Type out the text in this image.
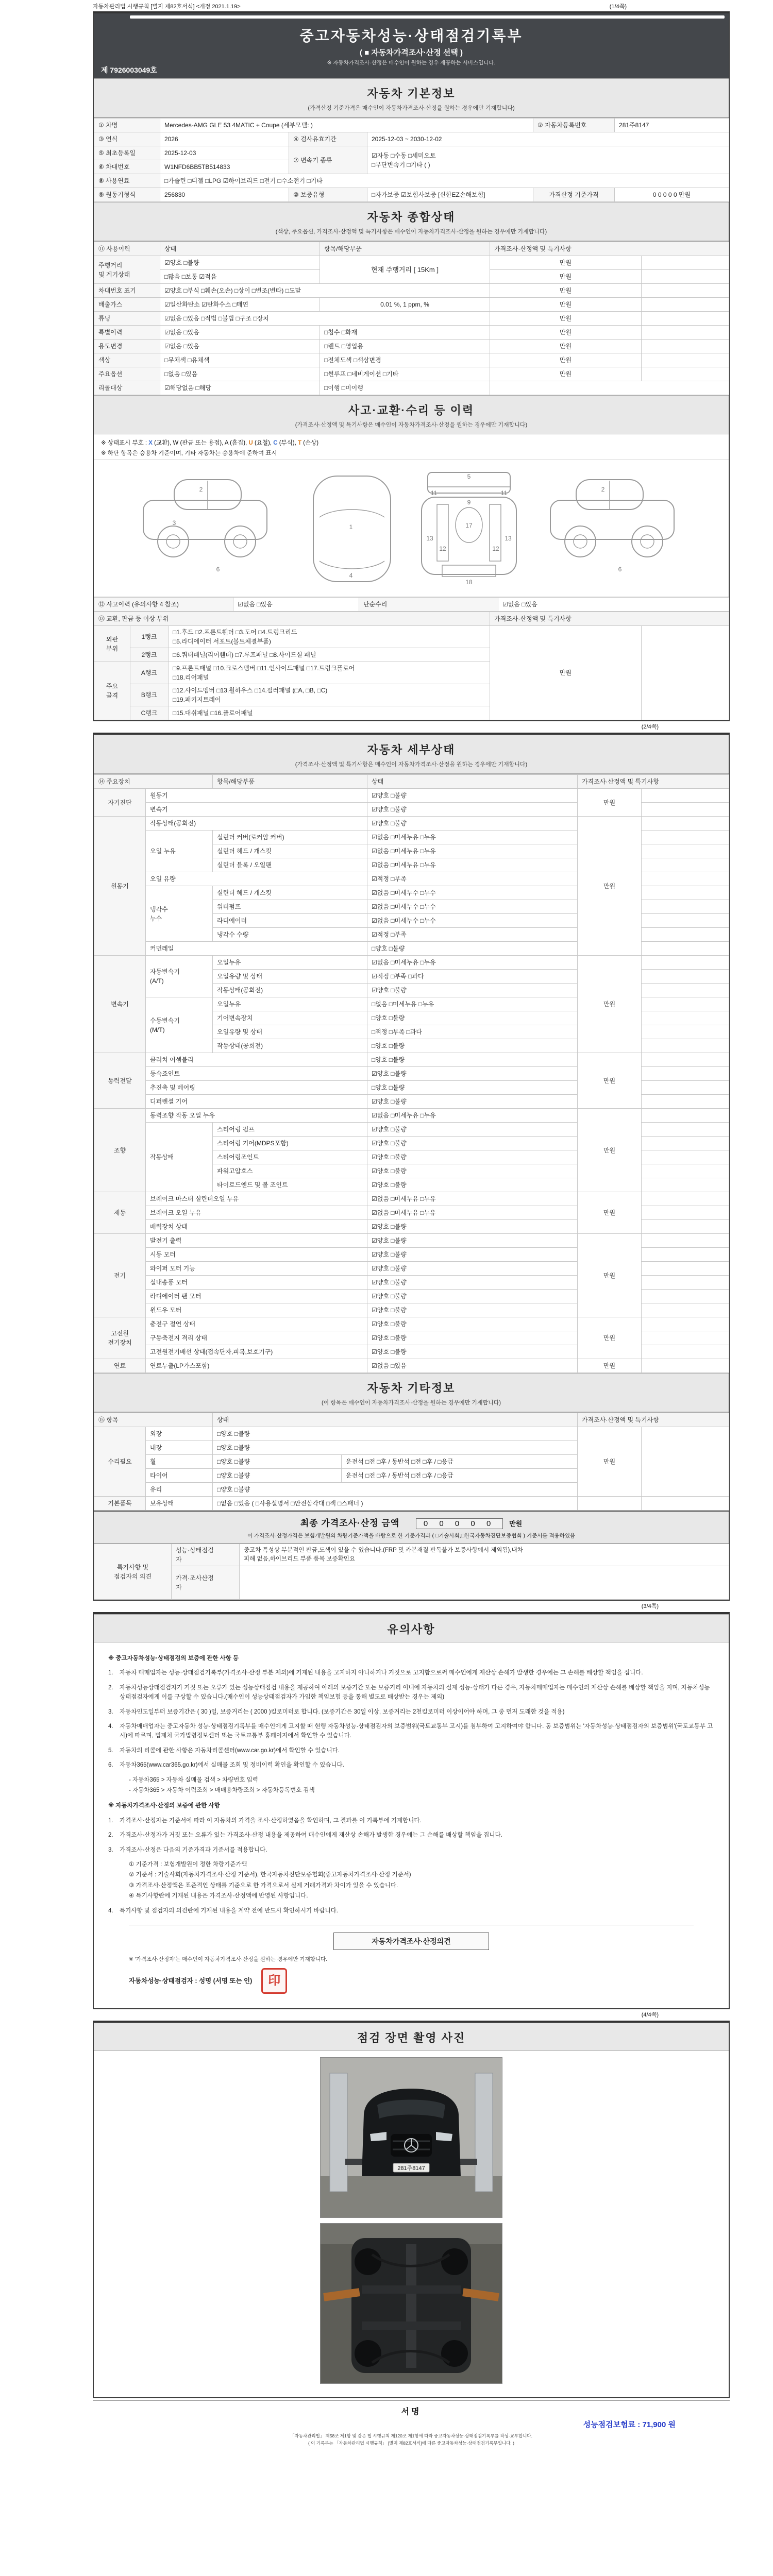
자동차관리법 시행규칙 [별지 제82호서식] <개정 2021.1.19>	(1/4쪽)
중고자동차성능·상태점검기록부
( ■ 자동차가격조사·산정 선택 )
※ 자동차가격조사·산정은 매수인이 원하는 경우 제공하는 서비스입니다.
제 7926003049호
자동차 기본정보
(가격산정 기준가격은 매수인이 자동차가격조사·산정을 원하는 경우에만 기재합니다)
① 차명	Mercedes-AMG GLE 53 4MATIC + Coupe (세부모델: )			② 자동차등록번호	281주8147
③ 연식	2026	④ 검사유효기간	2025-12-03 ~ 2030-12-02		
⑤ 최초등록일	2025-12-03	⑦ 변속기 종류	☑자동 □수동 □세미오토
□무단변속기 □기타 ( )		
⑥ 차대번호	W1NFD6BB5TB514833				
⑧ 사용연료	□가솔린 □디젤 □LPG ☑하이브리드 □전기 □수소전기 □기타				
⑨ 원동기형식	256830	⑩ 보증유형	□자가보증 ☑보험사보증 [신한EZ손해보험]	가격산정 기준가격	0 0 0 0 0 만원
자동차 종합상태
(색상, 주요옵션, 가격조사·산정액 및 특기사항은 매수인이 자동차가격조사·산정을 원하는 경우에만 기재합니다)
⑪ 사용이력	상태	항목/해당부품	가격조사·산정액 및 특기사항	
주행거리
및 계기상태	☑양호 □불량	현재 주행거리 [ 15Km ]	만원	
	□많음 □보통 ☑적음		만원	
차대번호 표기	☑양호 □부식 □훼손(오손) □상이 □변조(변타) □도말		만원	
배출가스	☑일산화탄소 ☑탄화수소 □매연	0.01 %, 1 ppm, %	만원	
튜닝	☑없음 □있음 □적법 □불법 □구조 □장치		만원	
특별이력	☑없음 □있음	□침수 □화재	만원	
용도변경	☑없음 □있음	□렌트 □영업용	만원	
색상	□무채색 □유채색	□전체도색 □색상변경	만원	
주요옵션	□없음 □있음	□썬루프 □네비게이션 □기타	만원	
리콜대상	☑해당없음 □해당	□이행 □미이행		
사고·교환·수리 등 이력
(가격조사·산정액 및 특기사항은 매수인이 자동차가격조사·산정을 원하는 경우에만 기재합니다)
※ 상태표시 부호 : X (교환), W (판금 또는 용접), A (흠집), U (요철), C (부식), T (손상)
※ 하단 항목은 승용차 기준이며, 기타 자동차는 승용차에 준하여 표시
2
6
1
4
3
11	11
9
13
12	12
13
17
18
5
2
6
⑫ 사고이력 (유의사항 4 참조)	☑없음 □있음	단순수리	☑없음 □있음
⑬ 교환, 판금 등 이상 부위			가격조사·산정액 및 특기사항	
외판
부위	1랭크	□1.후드 □2.프론트휀더 □3.도어 □4.트렁크리드
□5.라디에이터 서포트(볼트체결부품)	만원	
	2랭크	□6.쿼터패널(리어휀더) □7.루프패널 □8.사이드실 패널		
주요
골격	A랭크	□9.프론트패널 □10.크로스멤버 □11.인사이드패널 □17.트렁크플로어
□18.리어패널		
	B랭크	□12.사이드멤버 □13.휠하우스 □14.필러패널 (□A, □B, □C)
□19.패키지트레이		
	C랭크	□15.대쉬패널 □16.플로어패널		
(2/4쪽)
자동차 세부상태
(가격조사·산정액 및 특기사항은 매수인이 자동차가격조사·산정을 원하는 경우에만 기재합니다)
⑭ 주요장치		항목/해당부품	상태	가격조사·산정액 및 특기사항	
자기진단	원동기		☑양호 □불량	만원	
	변속기		☑양호 □불량		
원동기	작동상태(공회전)		☑양호 □불량	만원	
	오일 누유	실린더 커버(로커암 커버)	☑없음 □미세누유 □누유		
		실린더 헤드 / 개스킷	☑없음 □미세누유 □누유		
		실린더 블록 / 오일팬	☑없음 □미세누유 □누유		
	오일 유량		☑적정 □부족		
	냉각수
누수	실린더 헤드 / 개스킷	☑없음 □미세누수 □누수		
		워터펌프	☑없음 □미세누수 □누수		
		라디에이터	☑없음 □미세누수 □누수		
		냉각수 수량	☑적정 □부족		
	커먼레일		□양호 □불량		
변속기	자동변속기
(A/T)	오일누유	☑없음 □미세누유 □누유	만원	
		오일유량 및 상태	☑적정 □부족 □과다		
		작동상태(공회전)	☑양호 □불량		
	수동변속기
(M/T)	오일누유	□없음 □미세누유 □누유		
		기어변속장치	□양호 □불량		
		오일유량 및 상태	□적정 □부족 □과다		
		작동상태(공회전)	□양호 □불량		
동력전달	클러치 어셈블리		□양호 □불량	만원	
	등속죠인트		☑양호 □불량		
	추진축 및 베어링		□양호 □불량		
	디퍼렌셜 기어		☑양호 □불량		
조향	동력조향 작동 오일 누유		☑없음 □미세누유 □누유	만원	
	작동상태	스티어링 펌프	☑양호 □불량		
		스티어링 기어(MDPS포함)	☑양호 □불량		
		스티어링조인트	☑양호 □불량		
		파워고압호스	☑양호 □불량		
		타이로드엔드 및 볼 조인트	☑양호 □불량		
제동	브레이크 마스터 실린더오일 누유		☑없음 □미세누유 □누유	만원	
	브레이크 오일 누유		☑없음 □미세누유 □누유		
	배력장치 상태		☑양호 □불량		
전기	발전기 출력		☑양호 □불량	만원	
	시동 모터		☑양호 □불량		
	와이퍼 모터 기능		☑양호 □불량		
	실내송풍 모터		☑양호 □불량		
	라디에이터 팬 모터		☑양호 □불량		
	윈도우 모터		☑양호 □불량		
고전원
전기장치	충전구 절연 상태		☑양호 □불량	만원	
	구동축전지 격리 상태		☑양호 □불량		
	고전원전기배선 상태(접속단자,피복,보호기구)		☑양호 □불량		
연료	연료누출(LP가스포함)		☑없음 □있음	만원	
자동차 기타정보
(이 항목은 매수인이 자동차가격조사·산정을 원하는 경우에만 기재합니다)
⑮ 항목		상태		가격조사·산정액 및 특기사항	
수리필요	외장	□양호 □불량		만원	
	내장	□양호 □불량			
	휠	□양호 □불량	운전석 □전 □후 / 동반석 □전 □후 / □응급		
	타이어	□양호 □불량	운전석 □전 □후 / 동반석 □전 □후 / □응급		
	유리	□양호 □불량			
기본품목	보유상태	□없음 □있음 ( □사용설명서 □안전삼각대 □잭 □스패너 )			
최종 가격조사·산정 금액	0 0 0 0 0 만원
이 가격조사·산정가격은 보험개발원의 차량기준가액을 바탕으로 한 기준가격과 ( □기술사회,□한국자동차진단보증협회 ) 기준서를 적용하였음
특기사항 및
점검자의 의견	성능·상태점검
자	중고차 특성상 부분적인 판금,도색이 있을 수 있습니다.(FRP 및 카본재질 판독불가 보증사항에서 제외됨),내차
피해 없음,하이브리드 부품 품목 보증확인요
	가격·조사산정
자	
(3/4쪽)
유의사항
※ 중고자동차성능·상태점검의 보증에 관한 사항 등
1. 자동차 매매업자는 성능·상태점검기록부(가격조사·산정 부분 제외)에 기재된 내용을 고지하지 아니하거나 거짓으로 고지함으로써 매수인에게 재산상 손해가 발생한 경우에는 그 손해를 배상할 책임을 집니다.
2. 자동차성능상태점검자가 거짓 또는 오류가 있는 성능상태점검 내용을 제공하여 아래의 보증기간 또는 보증거리 이내에 자동차의 실제 성능·상태가 다른 경우, 자동차매매업자는 매수인의 재산상 손해를 배상할 책임을 지며, 자동차성능상태점검자에게 이를 구상할 수 있습니다.(매수인이 성능상태점검자가 가입한 책임보험 등을 통해 별도로 배상받는 경우는 제외)
3. 자동차인도일부터 보증기간은 ( 30 )일, 보증거리는 ( 2000 )킬로미터로 합니다. (보증기간은 30일 이상, 보증거리는 2천킬로미터 이상이어야 하며, 그 중 먼저 도래한 것을 적용)
4. 자동차매매업자는 중고자동차 성능·상태점검기록부를 매수인에게 고지할 때 현행 자동차성능·상태점검자의 보증범위(국토교통부 고시)를 첨부하여 고지하여야 합니다. 동 보증범위는 '자동차성능·상태점검자의 보증범위'(국토교통부 고시)에 따르며, 법제처 국가법령정보센터 또는 국토교통부 홈페이지에서 확인할 수 있습니다.
5. 자동차의 리콜에 관한 사항은 자동차리콜센터(www.car.go.kr)에서 확인할 수 있습니다.
6. 자동차365(www.car365.go.kr)에서 실매물 조회 및 정비이력 확인을 확인할 수 있습니다.
- 자동차365 > 자동차 실매물 검색 > 차량번호 입력
- 자동차365 > 자동차 이력조회 > 매매용차량조회 > 자동차등록번호 검색
※ 자동차가격조사·산정의 보증에 관한 사항
1. 가격조사·산정자는 기준서에 따라 이 자동차의 가격을 조사·산정하였음을 확인하며, 그 결과를 이 기록부에 기재합니다.
2. 가격조사·산정자가 거짓 또는 오류가 있는 가격조사·산정 내용을 제공하여 매수인에게 재산상 손해가 발생한 경우에는 그 손해를 배상할 책임을 집니다.
3. 가격조사·산정은 다음의 기준가격과 기준서를 적용합니다.
① 기준가격 : 보험개발원이 정한 차량기준가액
② 기준서 : 기술사회(자동차가격조사·산정 기준서), 한국자동차진단보증협회(중고자동차가격조사·산정 기준서)
③ 가격조사·산정액은 표준적인 상태를 기준으로 한 가격으로서 실제 거래가격과 차이가 있을 수 있습니다.
④ 특기사항란에 기재된 내용은 가격조사·산정액에 반영된 사항입니다.
4. 특기사항 및 점검자의 의견란에 기재된 내용을 계약 전에 반드시 확인하시기 바랍니다.
자동차가격조사·산정의견
※ '가격조사·산정자'는 매수인이 자동차가격조사·산정을 원하는 경우에만 기재합니다.
자동차성능·상태점검자 : 성명 (서명 또는 인)	印
(4/4쪽)
점검 장면 촬영 사진
281주8147
서명
성능점검보험료 : 71,900 원
「자동차관리법」 제58조 제1항 및 같은 법 시행규칙 제120조 제1항에 따라 중고자동차성능·상태점검기록부를 작성·교부합니다.
( 이 기록부는 「자동차관리법 시행규칙」 [별지 제82호서식]에 따른 중고자동차성능·상태점검기록부입니다. )
